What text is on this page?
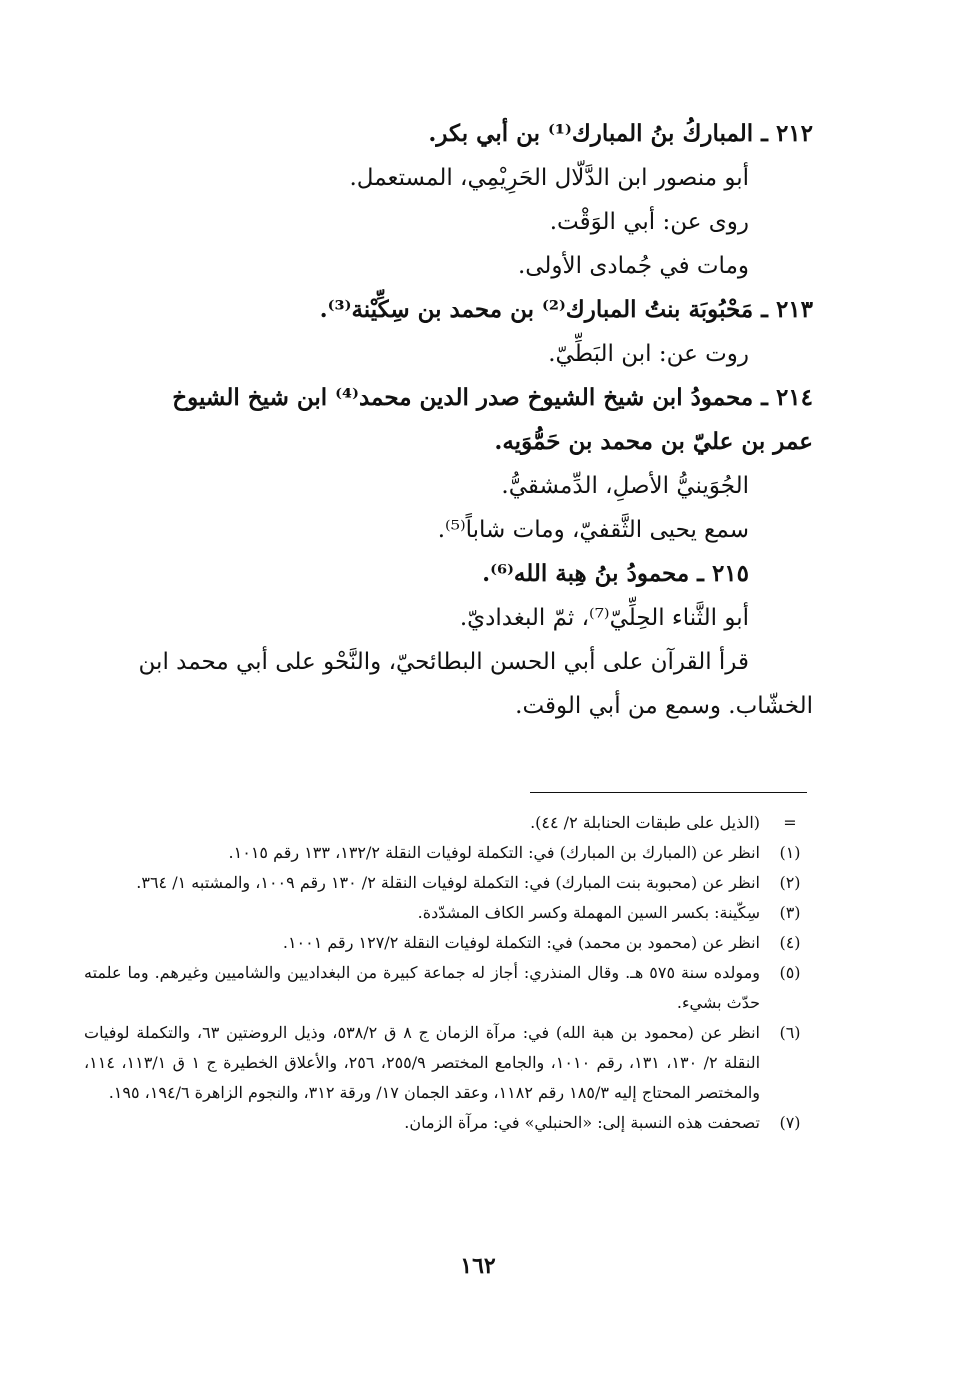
٢١٢ ـ المباركُ بنُ المبارك⁽¹⁾ بن أبي بكر.

أبو منصور ابن الدَّلّال الحَرِيْمِي، المستعمل.

روى عن: أبي الوَقْت.

ومات في جُمادى الأولى.

٢١٣ ـ مَحْبُوبَة بنتُ المبارك⁽²⁾ بن محمد بن سِكِّيْنة⁽³⁾.

روت عن: ابن البَطِّيّ.

٢١٤ ـ محمودُ ابن شيخ الشيوخ صدر الدين محمد⁽⁴⁾ ابن شيخ الشيوخ

عمر بن عليّ بن محمد بن حَمُّوَيه.

الجُوَينيُّ الأصلِ، الدِّمشقيُّ.

سمع يحيى الثَّقفيّ، ومات شاباً⁽⁵⁾.

٢١٥ ـ محمودُ بنُ هِبة الله⁽⁶⁾.

أبو الثَّناء الحِلِّيّ⁽⁷⁾، ثمّ البغداديّ.

قرأ القرآن على أبي الحسن البطائحيّ، والنَّحْو على أبي محمد ابن

الخشّاب. وسمع من أبي الوقت.

=
(الذيل على طبقات الحنابلة ٢/ ٤٤).
(١)
انظر عن (المبارك بن المبارك) في: التكملة لوفيات النقلة ١٣٢/٢، ١٣٣ رقم ١٠١٥.
(٢)
انظر عن (محبوبة بنت المبارك) في: التكملة لوفيات النقلة ٢/ ١٣٠ رقم ١٠٠٩، والمشتبه ١/ ٣٦٤.
(٣)
سِكّينة: بكسر السين المهملة وكسر الكاف المشدّدة.
(٤)
انظر عن (محمود بن محمد) في: التكملة لوفيات النقلة ١٢٧/٢ رقم ١٠٠١.
(٥)
ومولده سنة ٥٧٥ هـ. وقال المنذري: أجاز له جماعة كبيرة من البغداديين والشاميين وغيرهم. وما علمته حدّث بشيء.
(٦)
انظر عن (محمود بن هبة الله) في: مرآة الزمان ج ٨ ق ٥٣٨/٢، وذيل الروضتين ٦٣، والتكملة لوفيات النقلة ٢/ ١٣٠، ١٣١، رقم ١٠١٠، والجامع المختصر ٢٥٥/٩، ٢٥٦، والأعلاق الخطيرة ج ١ ق ١١٣/١، ١١٤، والمختصر المحتاج إليه ١٨٥/٣ رقم ١١٨٢، وعقد الجمان ١٧/ ورقة ٣١٢، والنجوم الزاهرة ١٩٤/٦، ١٩٥.
(٧)
تصحفت هذه النسبة إلى: «الحنبلي» في: مرآة الزمان.
١٦٢
